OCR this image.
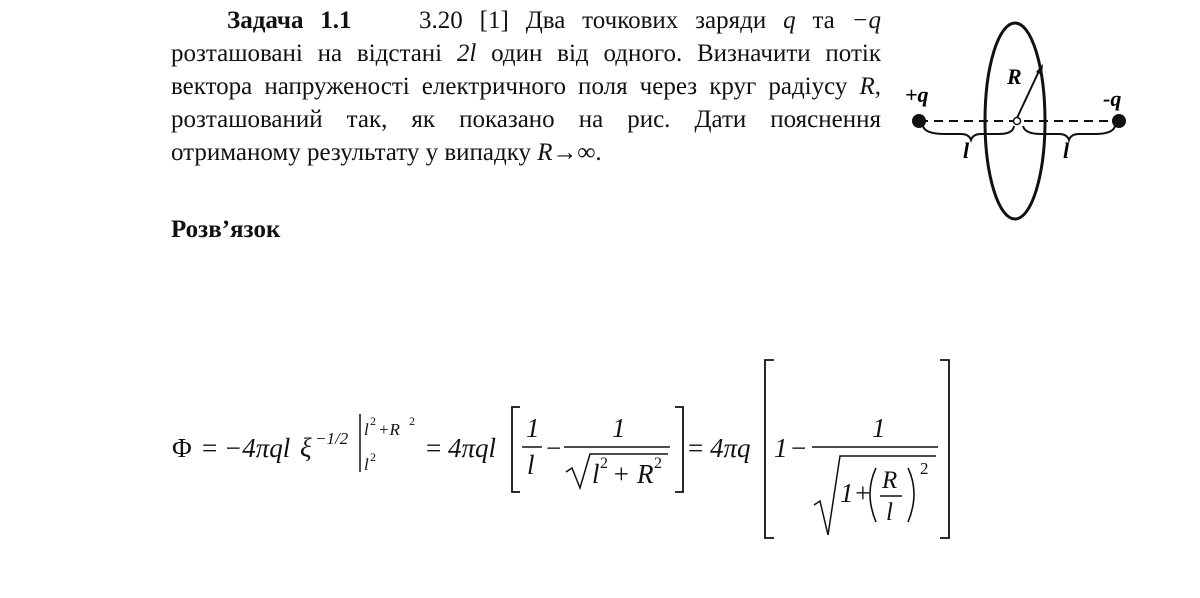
Задача 1.1	3.20 [1] Два точкових заряди q та −q розташовані на відстані 2l один від одного. Визначити потік вектора напруженості електричного поля через круг радіусу R, розташований так, як показано на рис. Дати пояснення отриманому результату у випадку R→∞.

+q	-q
R
l	l
Розв’язок
Φ = −4πql ξ −1/2 l 2 +R 2
l 2 = 4πql
1
l
−
1
l 2 + R 2
= 4πq 1 −
1
1+ R
l
2
